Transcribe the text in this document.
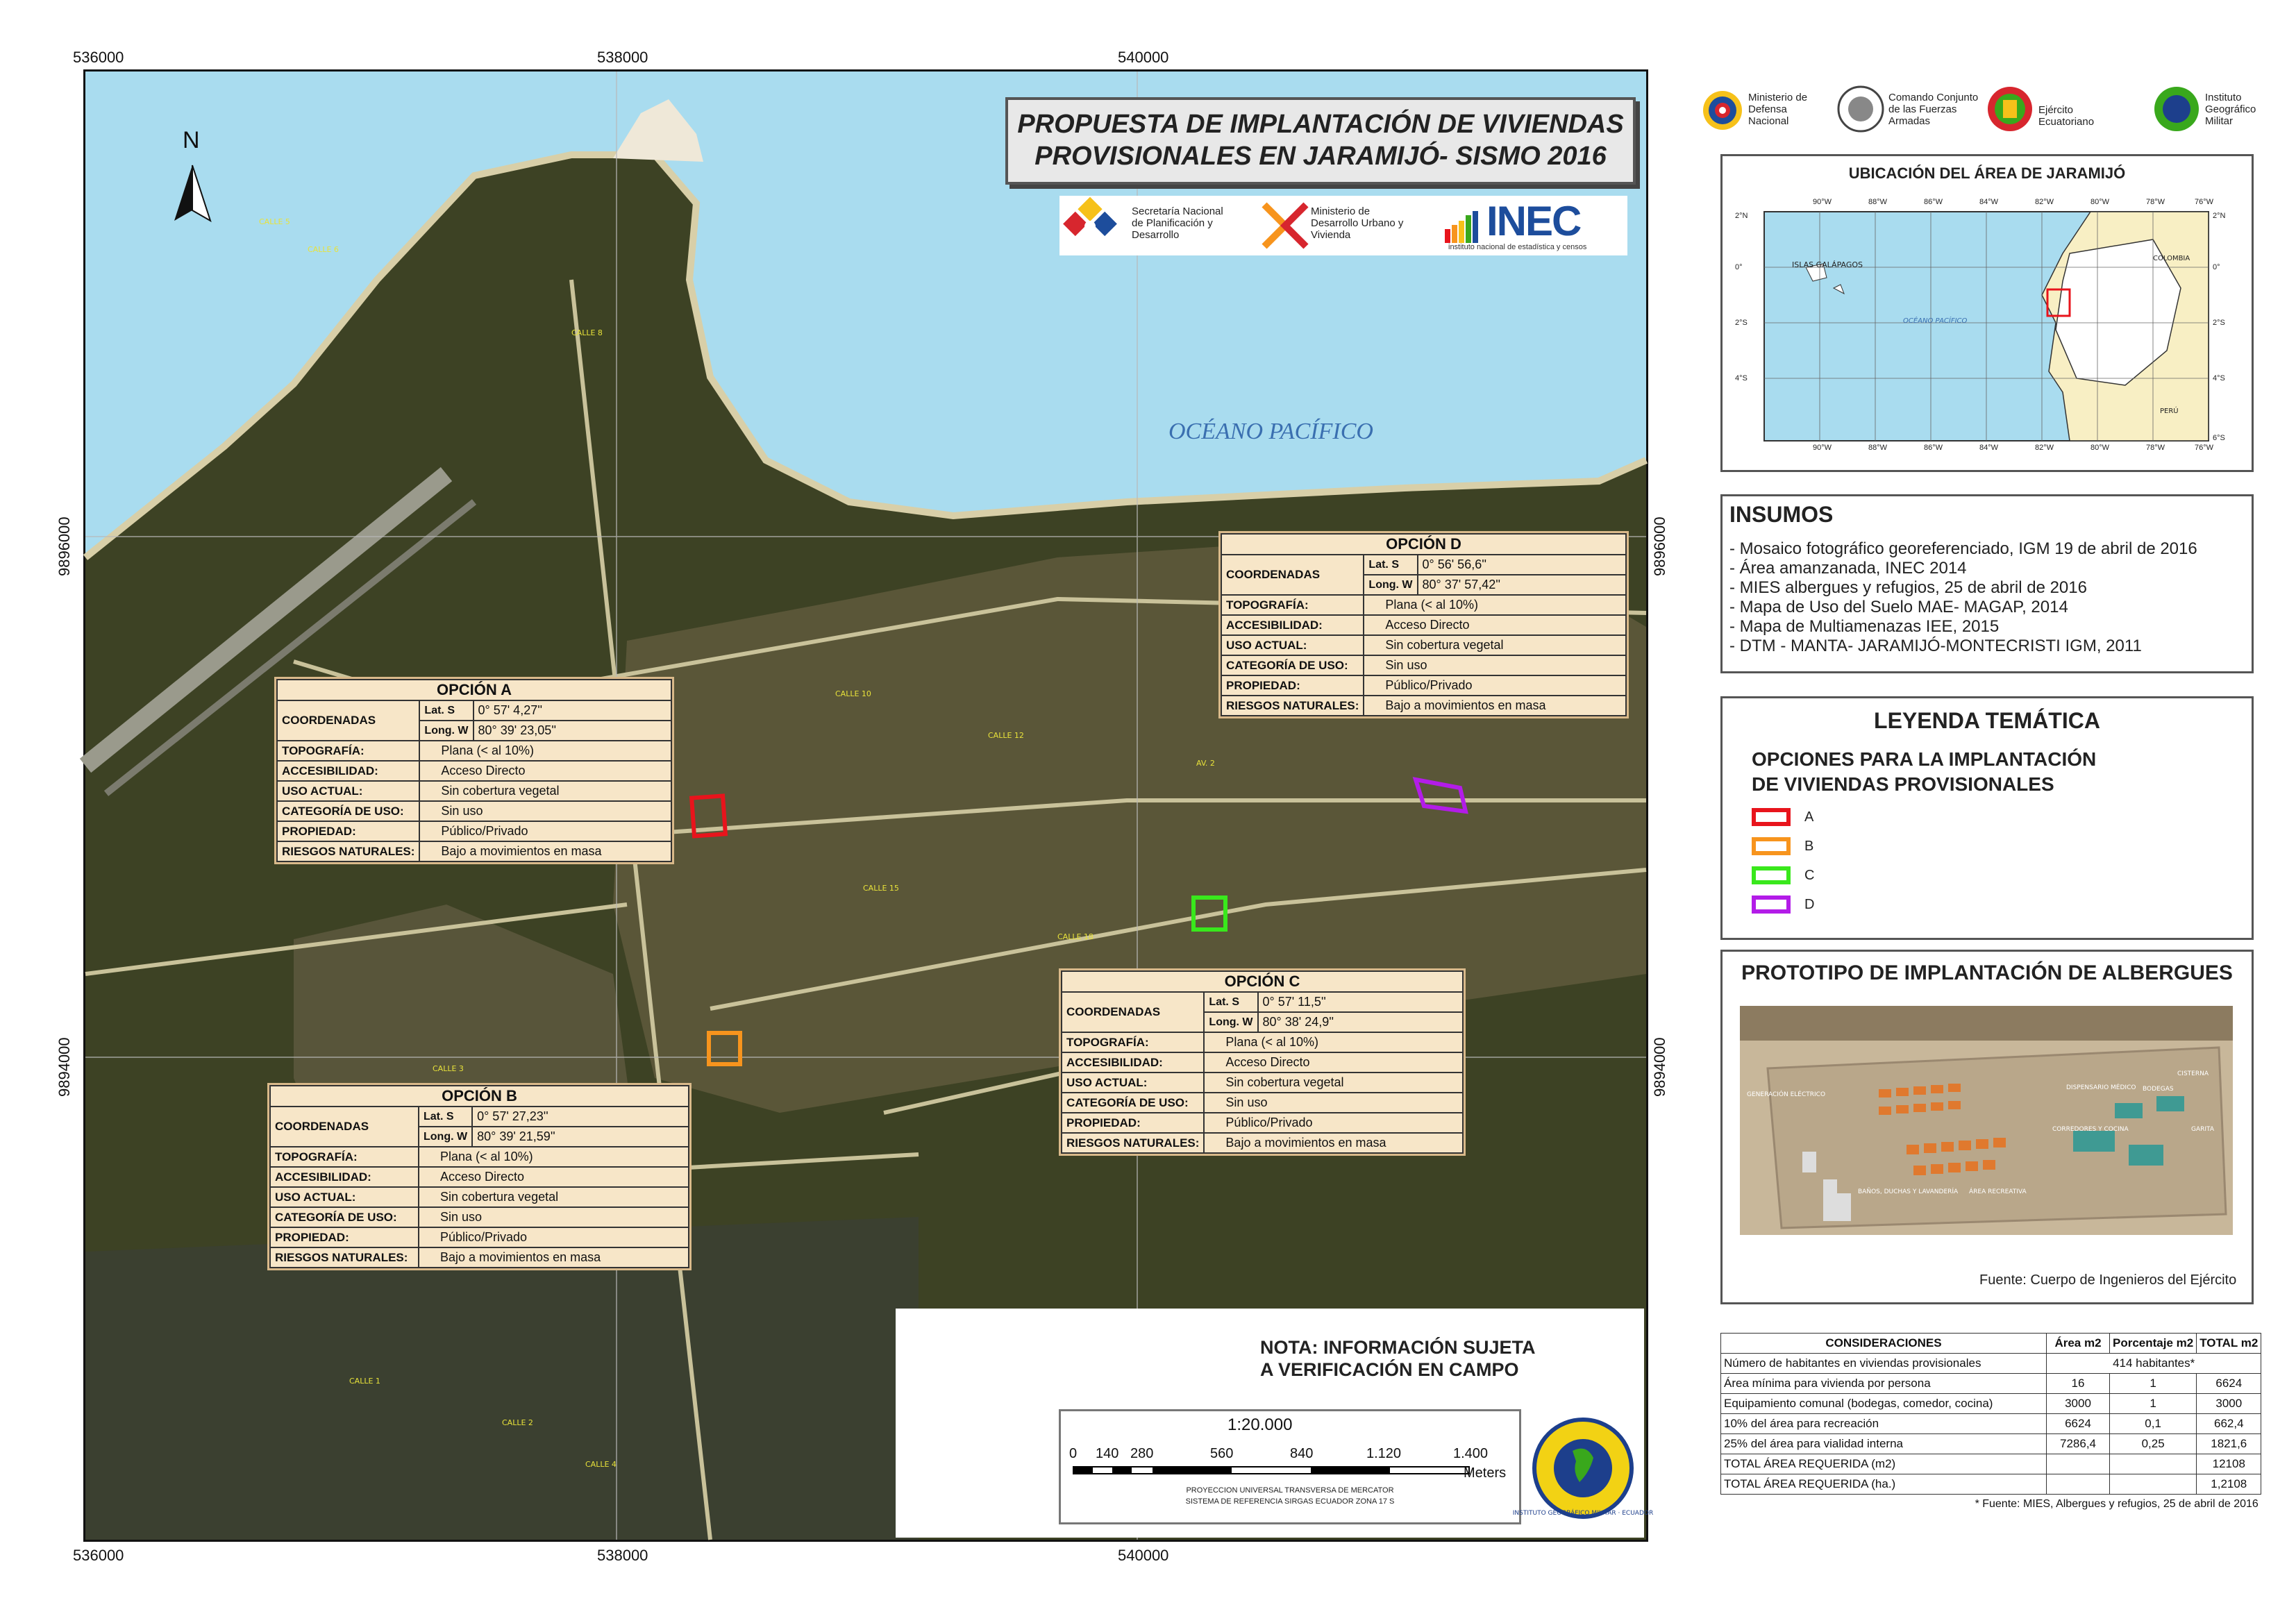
CALLE 5
CALLE 6
CALLE 8
CALLE 10
CALLE 12
AV. 2
CALLE 15
CALLE 18
CALLE 3
CALLE 1
CALLE 2
CALLE 4
N
OCÉANO PACÍFICO
536000	538000	540000
536000	538000	540000
9896000
9894000
9896000
9894000
PROPUESTA DE IMPLANTACIÓN DE VIVIENDAS
PROVISIONALES EN JARAMIJÓ- SISMO 2016
Secretaría Nacional de Planificación y Desarrollo
Ministerio de Desarrollo Urbano y Vivienda	INEC
instituto nacional de estadística y censos
OPCIÓN A		
COORDENADAS	Lat. S	0° 57' 4,27''
	Long. W	80° 39' 23,05''
TOPOGRAFÍA:	Plana (< al 10%)	
ACCESIBILIDAD:	Acceso Directo	
USO ACTUAL:	Sin cobertura vegetal	
CATEGORÍA DE USO:	Sin uso	
PROPIEDAD:	Público/Privado	
RIESGOS NATURALES:	Bajo a movimientos en masa	
OPCIÓN B		
COORDENADAS	Lat. S	0° 57' 27,23''
	Long. W	80° 39' 21,59''
TOPOGRAFÍA:	Plana (< al 10%)	
ACCESIBILIDAD:	Acceso Directo	
USO ACTUAL:	Sin cobertura vegetal	
CATEGORÍA DE USO:	Sin uso	
PROPIEDAD:	Público/Privado	
RIESGOS NATURALES:	Bajo a movimientos en masa	
OPCIÓN C		
COORDENADAS	Lat. S	0° 57' 11,5''
	Long. W	80° 38' 24,9''
TOPOGRAFÍA:	Plana (< al 10%)	
ACCESIBILIDAD:	Acceso Directo	
USO ACTUAL:	Sin cobertura vegetal	
CATEGORÍA DE USO:	Sin uso	
PROPIEDAD:	Público/Privado	
RIESGOS NATURALES:	Bajo a movimientos en masa	
OPCIÓN D		
COORDENADAS	Lat. S	0° 56' 56,6''
	Long. W	80° 37' 57,42''
TOPOGRAFÍA:	Plana (< al 10%)	
ACCESIBILIDAD:	Acceso Directo	
USO ACTUAL:	Sin cobertura vegetal	
CATEGORÍA DE USO:	Sin uso	
PROPIEDAD:	Público/Privado	
RIESGOS NATURALES:	Bajo a movimientos en masa	
NOTA: INFORMACIÓN SUJETA
A VERIFICACIÓN EN CAMPO
1:20.000
0 140 280	560	840	1.120	1.400
Meters
PROYECCION UNIVERSAL TRANSVERSA DE MERCATOR
SISTEMA DE REFERENCIA SIRGAS ECUADOR ZONA 17 S
INSTITUTO GEOGRÁFICO MILITAR · ECUADOR
Ministerio de Defensa Nacional
Comando Conjunto de las Fuerzas Armadas
Ejército Ecuatoriano
Instituto Geográfico Militar
UBICACIÓN DEL ÁREA DE JARAMIJÓ
ISLAS GALÁPAGOS
OCÉANO PACÍFICO
COLOMBIA
PERÚ
90°W	88°W	86°W	84°W	82°W	80°W	78°W	76°W
90°W	88°W	86°W	84°W	82°W	80°W	78°W	76°W
2°N
0°
2°S
4°S
2°N
0°
2°S
4°S
6°S
INSUMOS
- Mosaico fotográfico georeferenciado, IGM 19 de abril de 2016
- Área amanzanada, INEC 2014
- MIES albergues y refugios, 25 de abril de 2016
- Mapa de Uso del Suelo MAE- MAGAP, 2014
- Mapa de Multiamenazas IEE, 2015
- DTM - MANTA- JARAMIJÓ-MONTECRISTI IGM, 2011
LEYENDA TEMÁTICA
OPCIONES PARA LA IMPLANTACIÓN
DE VIVIENDAS PROVISIONALES
A
B
C
D
PROTOTIPO DE IMPLANTACIÓN DE ALBERGUES
GENERACIÓN ELÉCTRICO
DISPENSARIO MÉDICO BODEGAS
CORREDORES Y COCINA
BAÑOS, DUCHAS Y LAVANDERÍA
CISTERNA
GARITA
ÁREA RECREATIVA
Fuente: Cuerpo de Ingenieros del Ejército
CONSIDERACIONES	Área m2	Porcentaje m2	TOTAL m2
Número de habitantes en viviendas provisionales	414 habitantes*		
Área mínima para vivienda por persona	16	1	6624
Equipamiento comunal (bodegas, comedor, cocina)	3000	1	3000
10% del área para recreación	6624	0,1	662,4
25% del área para vialidad interna	7286,4	0,25	1821,6
TOTAL ÁREA REQUERIDA (m2)			12108
TOTAL ÁREA REQUERIDA (ha.)			1,2108
* Fuente: MIES, Albergues y refugios, 25 de abril de 2016			
